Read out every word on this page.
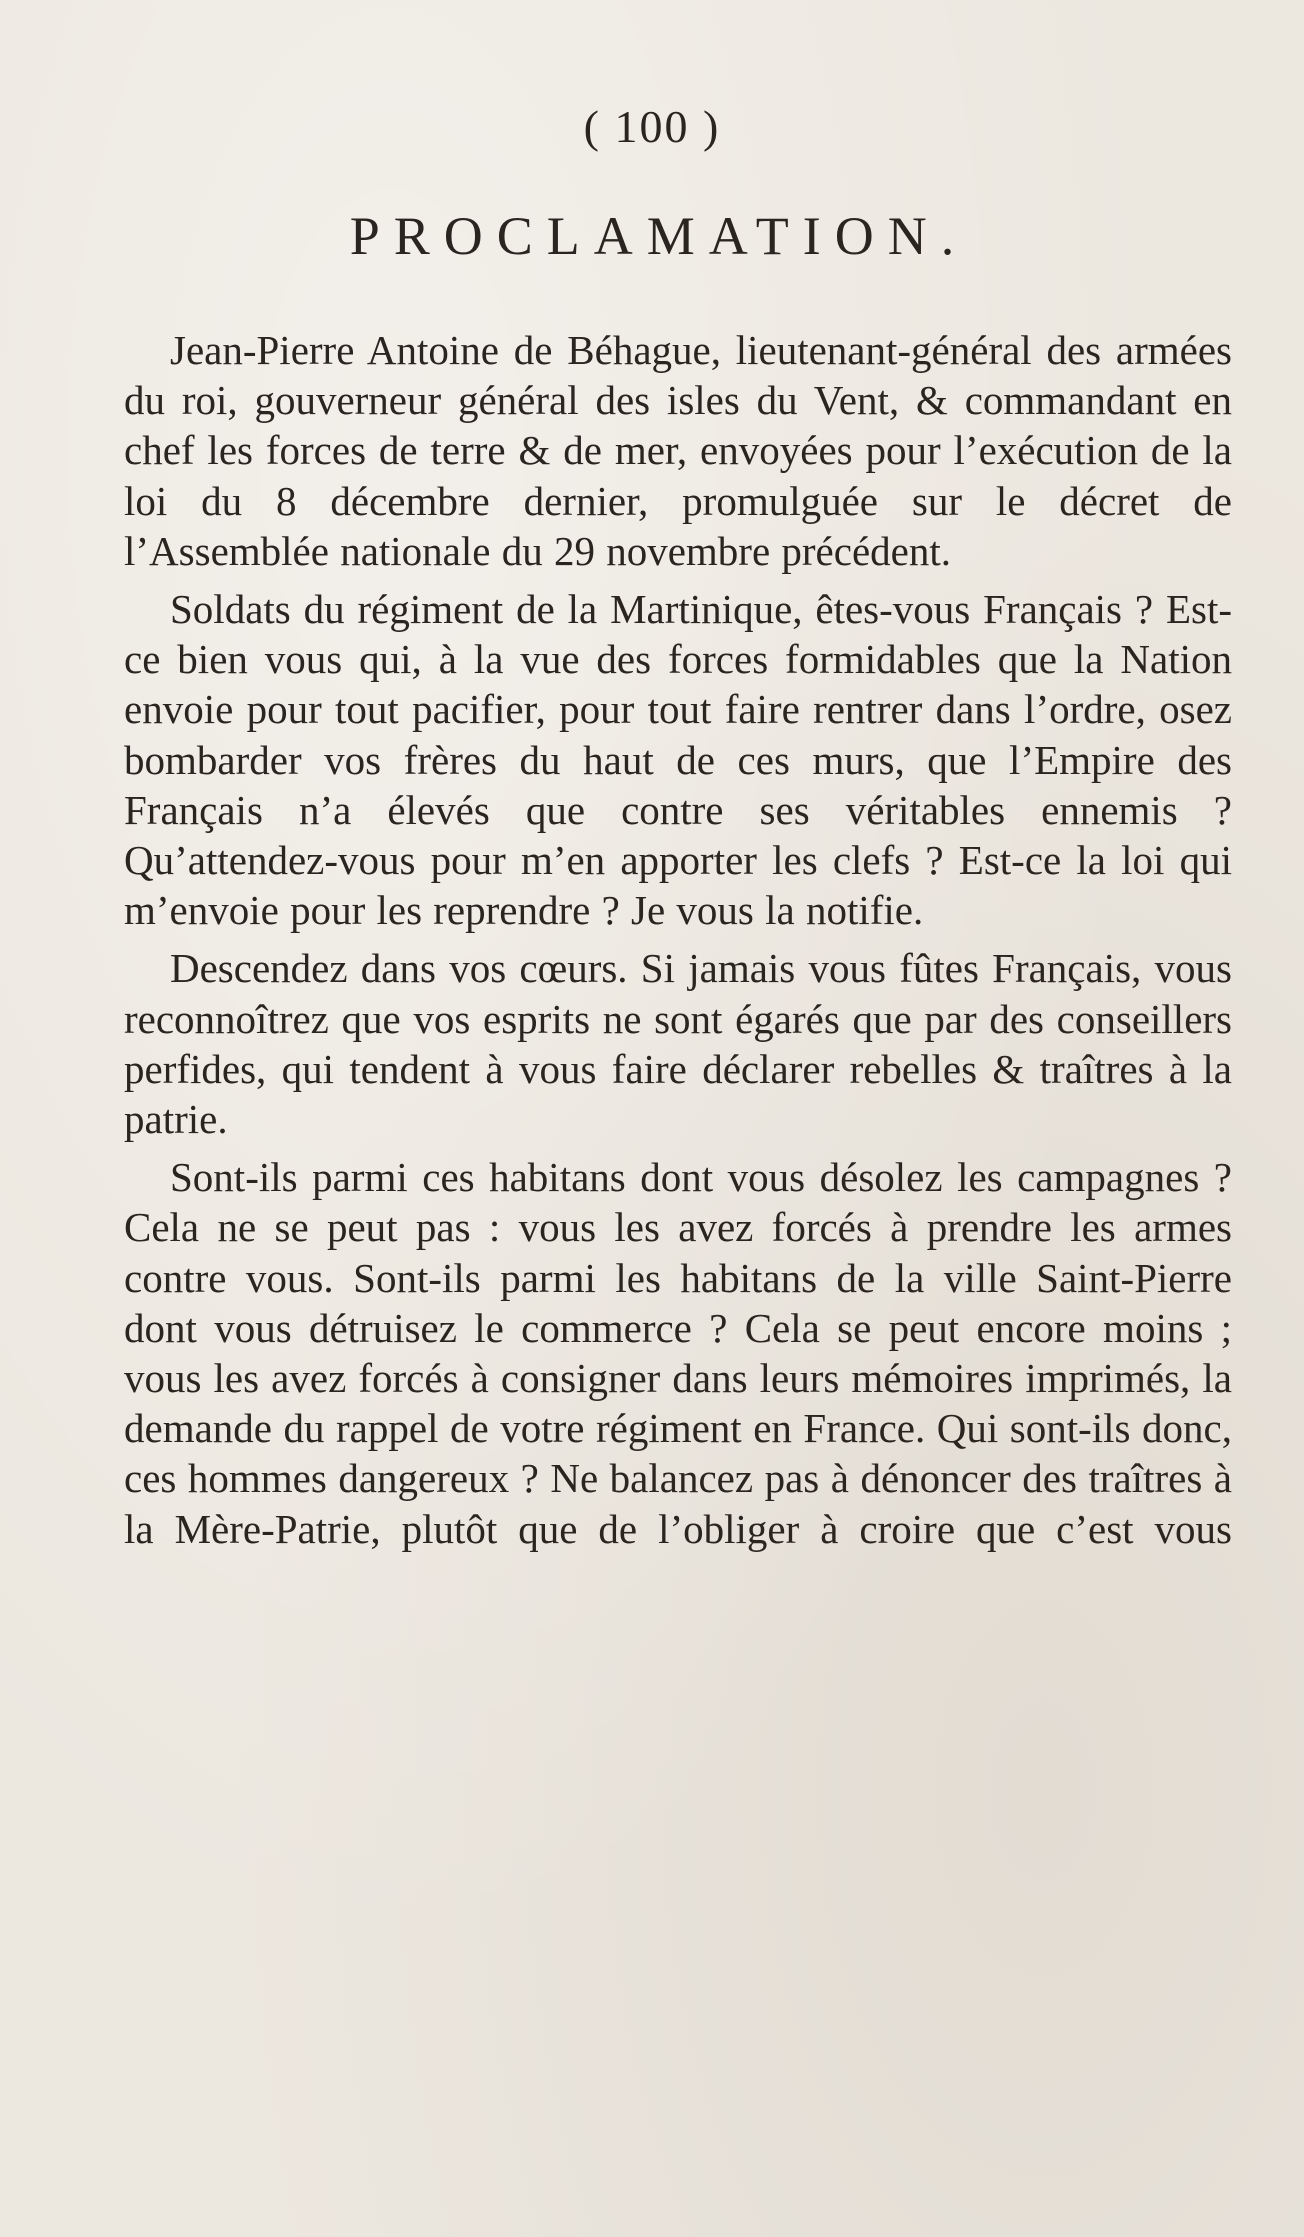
( 100 )
PROCLAMATION.

Jean-Pierre Antoine de Béhague, lieutenant-général des armées du roi, gouverneur général des isles du Vent, & commandant en chef les forces de terre & de mer, envoyées pour l’exécution de la loi du 8 décembre dernier, promulguée sur le décret de l’Assemblée nationale du 29 novembre précédent.

Soldats du régiment de la Martinique, êtes-vous Français ? Est-ce bien vous qui, à la vue des forces formidables que la Nation envoie pour tout pacifier, pour tout faire rentrer dans l’ordre, osez bombarder vos frères du haut de ces murs, que l’Empire des Français n’a élevés que contre ses véritables ennemis ? Qu’attendez-vous pour m’en apporter les clefs ? Est-ce la loi qui m’envoie pour les reprendre ? Je vous la notifie.

Descendez dans vos cœurs. Si jamais vous fûtes Français, vous reconnoîtrez que vos esprits ne sont égarés que par des conseillers perfides, qui tendent à vous faire déclarer rebelles & traîtres à la patrie.

Sont-ils parmi ces habitans dont vous désolez les campagnes ? Cela ne se peut pas : vous les avez forcés à prendre les armes contre vous. Sont-ils parmi les habitans de la ville Saint-Pierre dont vous détruisez le commerce ? Cela se peut encore moins ; vous les avez forcés à consigner dans leurs mémoires imprimés, la demande du rappel de votre régiment en France. Qui sont-ils donc, ces hommes dangereux ? Ne balancez pas à dénoncer des traîtres à la Mère-Patrie, plutôt que de l’obliger à croire que c’est vous
